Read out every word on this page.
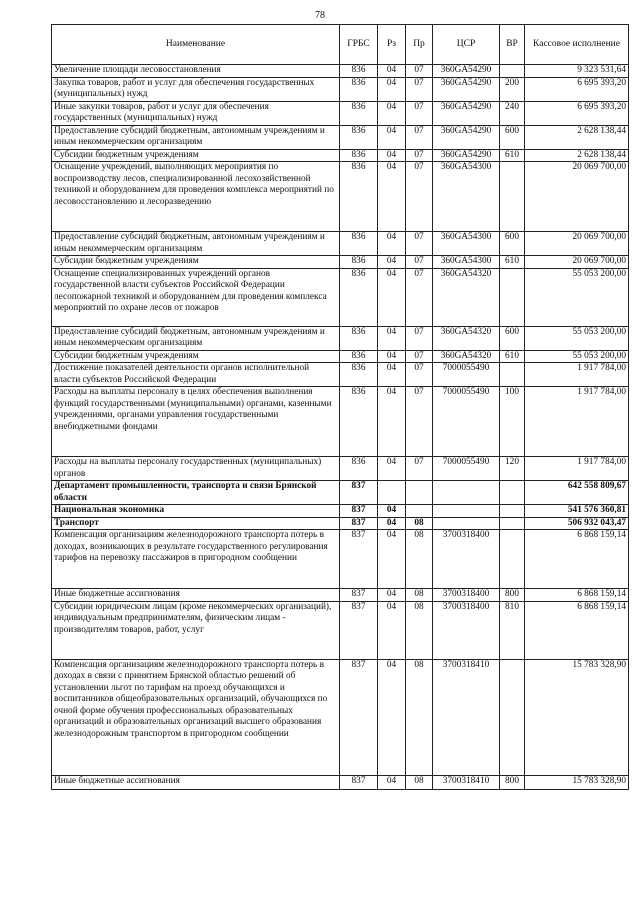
78
Наименование	ГРБС	Рз	Пр	ЦСР	ВР	Кассовое исполнение
Увеличение площади лесовосстановления	836	04	07	360GA54290		9 323 531,64
Закупка товаров, работ и услуг для обеспечения государственных (муниципальных) нужд	836	04	07	360GA54290	200	6 695 393,20
Иные закупки товаров, работ и услуг для обеспечения государственных (муниципальных) нужд	836	04	07	360GA54290	240	6 695 393,20
Предоставление субсидий бюджетным, автономным учреждениям и иным некоммерческим организациям	836	04	07	360GA54290	600	2 628 138,44
Субсидии бюджетным учреждениям	836	04	07	360GA54290	610	2 628 138,44
Оснащение учреждений, выполняющих мероприятия по воспроизводству лесов, специализированной лесохозяйственной техникой и оборудованием для проведения комплекса мероприятий по лесовосстановлению и лесоразведению	836	04	07	360GA54300		20 069 700,00
Предоставление субсидий бюджетным, автономным учреждениям и иным некоммерческим организациям	836	04	07	360GA54300	600	20 069 700,00
Субсидии бюджетным учреждениям	836	04	07	360GA54300	610	20 069 700,00
Оснащение специализированных учреждений органов государственной власти субъектов Российской Федерации лесопожарной техникой и оборудованием для проведения комплекса мероприятий по охране лесов от пожаров	836	04	07	360GA54320		55 053 200,00
Предоставление субсидий бюджетным, автономным учреждениям и иным некоммерческим организациям	836	04	07	360GA54320	600	55 053 200,00
Субсидии бюджетным учреждениям	836	04	07	360GA54320	610	55 053 200,00
Достижение показателей деятельности органов исполнительной власти субъектов Российской Федерации	836	04	07	7000055490		1 917 784,00
Расходы на выплаты персоналу в целях обеспечения выполнения функций государственными (муниципальными) органами, казенными учреждениями, органами управления государственными внебюджетными фондами	836	04	07	7000055490	100	1 917 784,00
Расходы на выплаты персоналу государственных (муниципальных) органов	836	04	07	7000055490	120	1 917 784,00
Департамент промышленности, транспорта и связи Брянской области	837					642 558 809,67
Национальная экономика	837	04				541 576 360,81
Транспорт	837	04	08			506 932 043,47
Компенсация организациям железнодорожного транспорта потерь в доходах, возникающих в результате государственного регулирования тарифов на перевозку пассажиров в пригородном сообщении	837	04	08	3700318400		6 868 159,14
Иные бюджетные ассигнования	837	04	08	3700318400	800	6 868 159,14
Субсидии юридическим лицам (кроме некоммерческих организаций), индивидуальным предпринимателям, физическим лицам - производителям товаров, работ, услуг	837	04	08	3700318400	810	6 868 159,14
Компенсация организациям железнодорожного транспорта потерь в доходах в связи с принятием Брянской областью решений об установлении льгот по тарифам на проезд обучающихся и воспитанников общеобразовательных организаций, обучающихся по очной форме обучения профессиональных образовательных организаций и образовательных организаций высшего образования железнодорожным транспортом в пригородном сообщении	837	04	08	3700318410		15 783 328,90
Иные бюджетные ассигнования	837	04	08	3700318410	800	15 783 328,90
